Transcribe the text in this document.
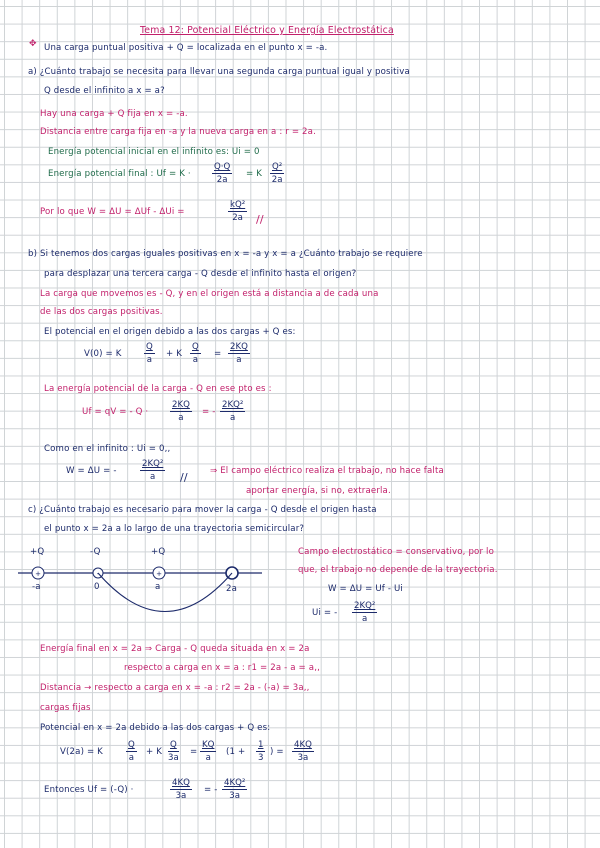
Tema 12: Potencial Eléctrico y Energía Electrostática
✥ Una carga puntual positiva + Q = localizada en el punto x = -a.
a) ¿Cuánto trabajo se necesita para llevar una segunda carga puntual igual y positiva
Q desde el infinito a x = a?
Hay una carga + Q fija en x = -a.
Distancia entre carga fija en -a y la nueva carga en a : r = 2a.
Energía potencial inicial en el infinito es: Ui = 0
Energía potencial final : $Uf = K \cdot \frac{Q\cdot Q}{2a} = K \frac{\text{Q²}}{2a}$
Por lo que W = ΔU = ΔUf - ΔUi =	$\frac{\text{kQ²}}{2a}$ //
b) Si tenemos dos cargas iguales positivas en x = -a y x = a ¿Cuánto trabajo se requiere
para desplazar una tercera carga - Q desde el infinito hasta el origen?
La carga que movemos es - Q, y en el origen está a distancia a de cada una
de las dos cargas positivas.
El potencial en el origen debido a las dos cargas + Q es:
V(0) = K	$\frac{Q}{a} + K \frac{Q}{a} = \frac{2KQ}{a}$
La energía potencial de la carga - Q en ese pto es :
Uf = qV = - Q ·	$\frac{2KQ}{a}$ = - $\frac{\text{2KQ²}}{a}$
Como en el infinito : Ui = 0,,
W = ΔU = -	$\frac{\text{2KQ²}}{a}$ //	⇒ El campo eléctrico realiza el trabajo, no hace falta
aportar energía, si no, extraerla.
c) ¿Cuánto trabajo es necesario para mover la carga - Q desde el origen hasta
el punto x = 2a a lo largo de una trayectoria semicircular?
+	-	+
+Q	-Q	+Q
-a	0	a	2a
Campo electrostático = conservativo, por lo
que, el trabajo no depende de la trayectoria.
W = ΔU = Uf - Ui
Ui = - $\frac{\text{2KQ²}}{a}$
Energía final en x = 2a ⇒ Carga - Q queda situada en x = 2a
respecto a carga en x = a : r1 = 2a - a = a,,
Distancia → respecto a carga en x = -a : r2 = 2a - (-a) = 3a,,
cargas fijas
Potencial en x = 2a debido a las dos cargas + Q es:
V(2a) = K	$\frac{Q}{a} + K \frac{Q}{3a} = \frac{KQ}{a} (1 + \frac{1}{3}$ ) = $\frac{4KQ}{3a}$
Entonces Uf = (-Q) ·	$\frac{4KQ}{3a}$ = - $\frac{\text{4KQ²}}{3a}$
